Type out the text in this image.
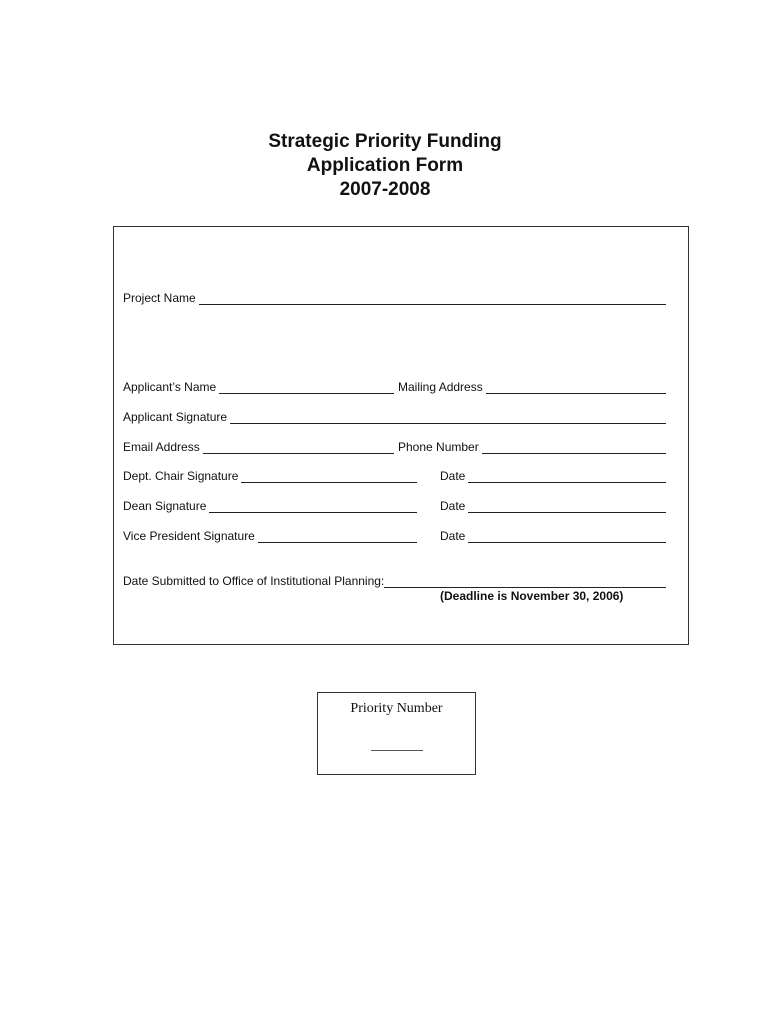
Strategic Priority Funding
Application Form
2007-2008
Project Name
Applicant’s Name	Mailing Address
Applicant Signature
Email Address	Phone Number
Dept. Chair Signature	Date
Dean Signature	Date
Vice President Signature	Date
Date Submitted to Office of Institutional Planning:
(Deadline is November 30, 2006)
Priority Number
